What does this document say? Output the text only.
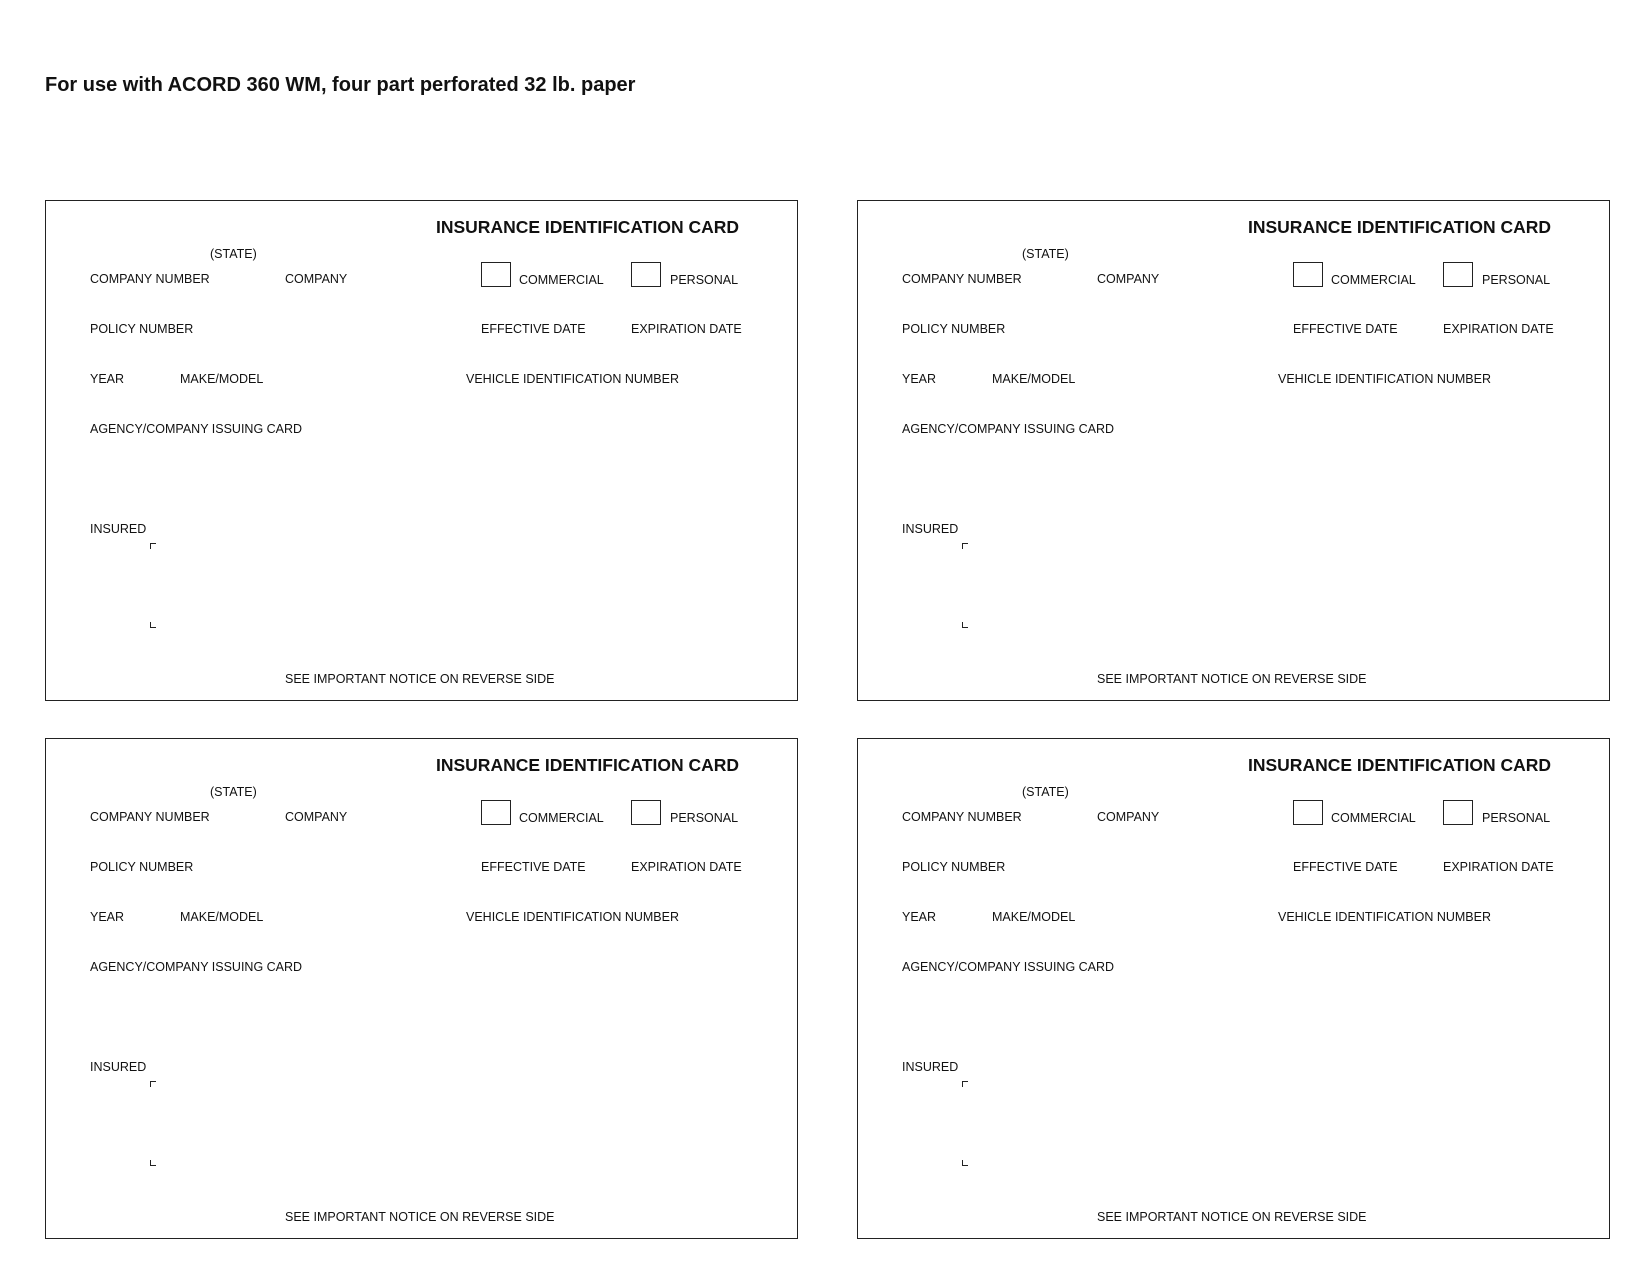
For use with ACORD 360 WM, four part perforated 32 lb. paper
INSURANCE IDENTIFICATION CARD
(STATE)
COMPANY NUMBER	COMPANY	COMMERCIAL	PERSONAL
POLICY NUMBER	EFFECTIVE DATE	EXPIRATION DATE
YEAR	MAKE/MODEL	VEHICLE IDENTIFICATION NUMBER
AGENCY/COMPANY ISSUING CARD
INSURED
SEE IMPORTANT NOTICE ON REVERSE SIDE
INSURANCE IDENTIFICATION CARD
(STATE)
COMPANY NUMBER	COMPANY	COMMERCIAL	PERSONAL
POLICY NUMBER	EFFECTIVE DATE	EXPIRATION DATE
YEAR	MAKE/MODEL	VEHICLE IDENTIFICATION NUMBER
AGENCY/COMPANY ISSUING CARD
INSURED
SEE IMPORTANT NOTICE ON REVERSE SIDE
INSURANCE IDENTIFICATION CARD
(STATE)
COMPANY NUMBER	COMPANY	COMMERCIAL	PERSONAL
POLICY NUMBER	EFFECTIVE DATE	EXPIRATION DATE
YEAR	MAKE/MODEL	VEHICLE IDENTIFICATION NUMBER
AGENCY/COMPANY ISSUING CARD
INSURED
SEE IMPORTANT NOTICE ON REVERSE SIDE
INSURANCE IDENTIFICATION CARD
(STATE)
COMPANY NUMBER	COMPANY	COMMERCIAL	PERSONAL
POLICY NUMBER	EFFECTIVE DATE	EXPIRATION DATE
YEAR	MAKE/MODEL	VEHICLE IDENTIFICATION NUMBER
AGENCY/COMPANY ISSUING CARD
INSURED
SEE IMPORTANT NOTICE ON REVERSE SIDE
